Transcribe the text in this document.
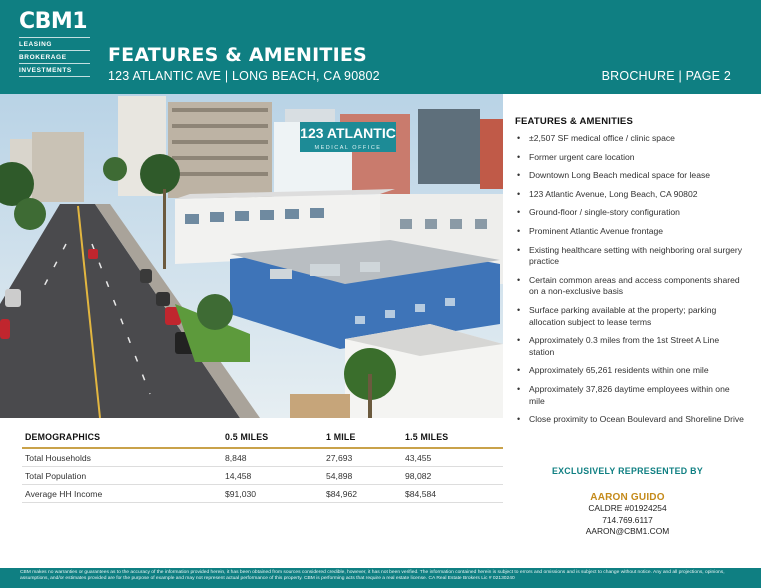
CBM1
LEASING
BROKERAGE
INVESTMENTS
FEATURES & AMENITIES
123 ATLANTIC AVE | LONG BEACH, CA 90802	BROCHURE | PAGE 2
123 ATLANTIC
MEDICAL OFFICE
FEATURES & AMENITIES
• ±2,507 SF medical office / clinic space
• Former urgent care location
• Downtown Long Beach medical space for lease
• 123 Atlantic Avenue, Long Beach, CA 90802
• Ground-floor / single-story configuration
• Prominent Atlantic Avenue frontage
• Existing healthcare setting with neighboring oral surgery practice
• Certain common areas and access components shared on a non-exclusive basis
• Surface parking available at the property; parking allocation subject to lease terms
• Approximately 0.3 miles from the 1st Street A Line station
• Approximately 65,261 residents within one mile
• Approximately 37,826 daytime employees within one mile
• Close proximity to Ocean Boulevard and Shoreline Drive
DEMOGRAPHICS	0.5 MILES	1 MILE	1.5 MILES
Total Households	8,848	27,693	43,455
Total Population	14,458	54,898	98,082
Average HH Income	$91,030	$84,962	$84,584
EXCLUSIVELY REPRESENTED BY
AARON GUIDO
CALDRE #01924254
714.769.6117
AARON@CBM1.COM
CBM makes no warranties or guarantees as to the accuracy of the information provided herein, it has been obtained from sources considered credible, however, it has not been verified. The information contained herein is subject to errors and omissions and is subject to change without notice. Any and all projections, opinions, assumptions, and/or estimates provided are for the purpose of example and may not represent actual performance of this property. CBM is performing acts that require a real estate license. CA Real Estate Brokers Lic # 02130240
